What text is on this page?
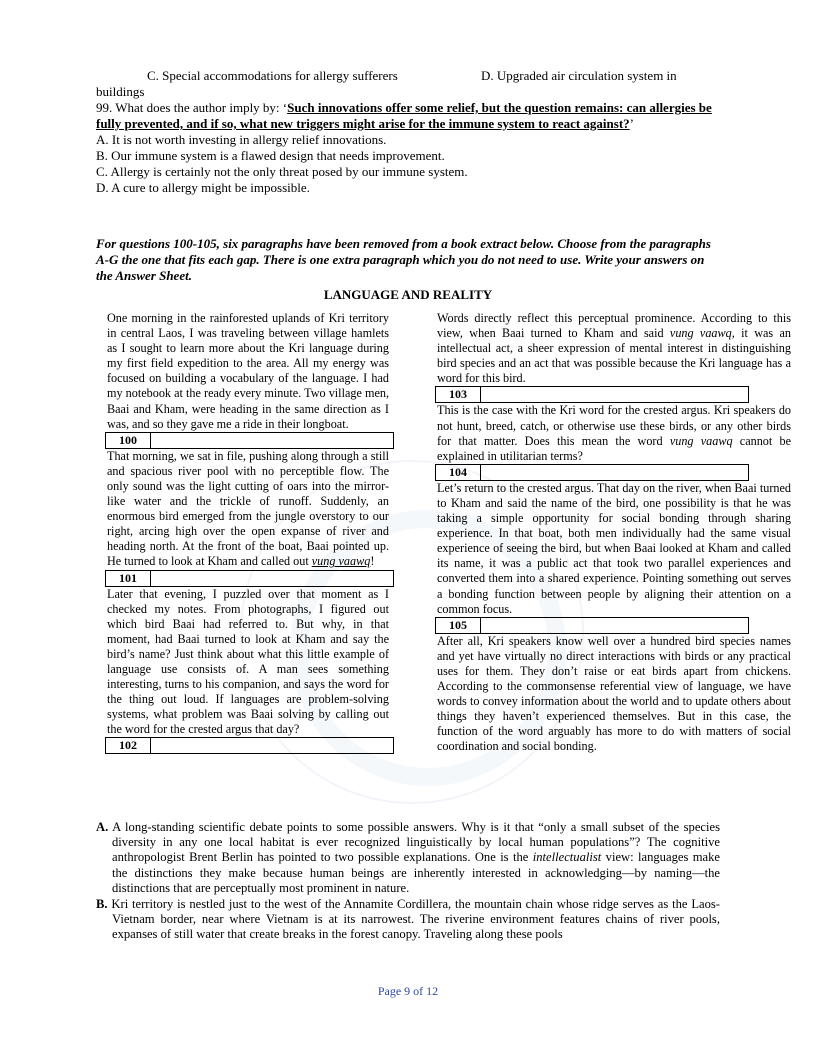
C. Special accommodations for allergy sufferers	D. Upgraded air circulation system in
buildings

99. What does the author imply by: ‘Such innovations offer some relief, but the question remains: can allergies be fully prevented, and if so, what new triggers might arise for the immune system to react against?’

A. It is not worth investing in allergy relief innovations.

B. Our immune system is a flawed design that needs improvement.

C. Allergy is certainly not the only threat posed by our immune system.

D. A cure to allergy might be impossible.

For questions 100-105, six paragraphs have been removed from a book extract below. Choose from the paragraphs A-G the one that fits each gap. There is one extra paragraph which you do not need to use. Write your answers on the Answer Sheet.

LANGUAGE AND REALITY

One morning in the rainforested uplands of Kri territory in central Laos, I was traveling between village hamlets as I sought to learn more about the Kri language during my first field expedition to the area. All my energy was focused on building a vocabulary of the language. I had my notebook at the ready every minute. Two village men, Baai and Kham, were heading in the same direction as I was, and so they gave me a ride in their longboat.

100

That morning, we sat in file, pushing along through a still and spacious river pool with no perceptible flow. The only sound was the light cutting of oars into the mirror-like water and the trickle of runoff. Suddenly, an enormous bird emerged from the jungle overstory to our right, arcing high over the open expanse of river and heading north. At the front of the boat, Baai pointed up. He turned to look at Kham and called out vung vaawq!

101

Later that evening, I puzzled over that moment as I checked my notes. From photographs, I figured out which bird Baai had referred to. But why, in that moment, had Baai turned to look at Kham and say the bird’s name? Just think about what this little example of language use consists of. A man sees something interesting, turns to his companion, and says the word for the thing out loud. If languages are problem-solving systems, what problem was Baai solving by calling out the word for the crested argus that day?

102

Words directly reflect this perceptual prominence. According to this view, when Baai turned to Kham and said vung vaawq, it was an intellectual act, a sheer expression of mental interest in distinguishing bird species and an act that was possible because the Kri language has a word for this bird.

103

This is the case with the Kri word for the crested argus. Kri speakers do not hunt, breed, catch, or otherwise use these birds, or any other birds for that matter. Does this mean the word vung vaawq cannot be explained in utilitarian terms?

104

Let’s return to the crested argus. That day on the river, when Baai turned to Kham and said the name of the bird, one possibility is that he was taking a simple opportunity for social bonding through sharing experience. In that boat, both men individually had the same visual experience of seeing the bird, but when Baai looked at Kham and called its name, it was a public act that took two parallel experiences and converted them into a shared experience. Pointing something out serves a bonding function between people by aligning their attention on a common focus.

105

After all, Kri speakers know well over a hundred bird species names and yet have virtually no direct interactions with birds or any practical uses for them. They don’t raise or eat birds apart from chickens. According to the commonsense referential view of language, we have words to convey information about the world and to update others about things they haven’t experienced themselves. But in this case, the function of the word arguably has more to do with matters of social coordination and social bonding.

A. A long-standing scientific debate points to some possible answers. Why is it that “only a small subset of the species diversity in any one local habitat is ever recognized linguistically by local human populations”? The cognitive anthropologist Brent Berlin has pointed to two possible explanations. One is the intellectualist view: languages make the distinctions they make because human beings are inherently interested in acknowledging—by naming—the distinctions that are perceptually most prominent in nature.

B. Kri territory is nestled just to the west of the Annamite Cordillera, the mountain chain whose ridge serves as the Laos-Vietnam border, near where Vietnam is at its narrowest. The riverine environment features chains of river pools, expanses of still water that create breaks in the forest canopy. Traveling along these pools

Page 9 of 12
